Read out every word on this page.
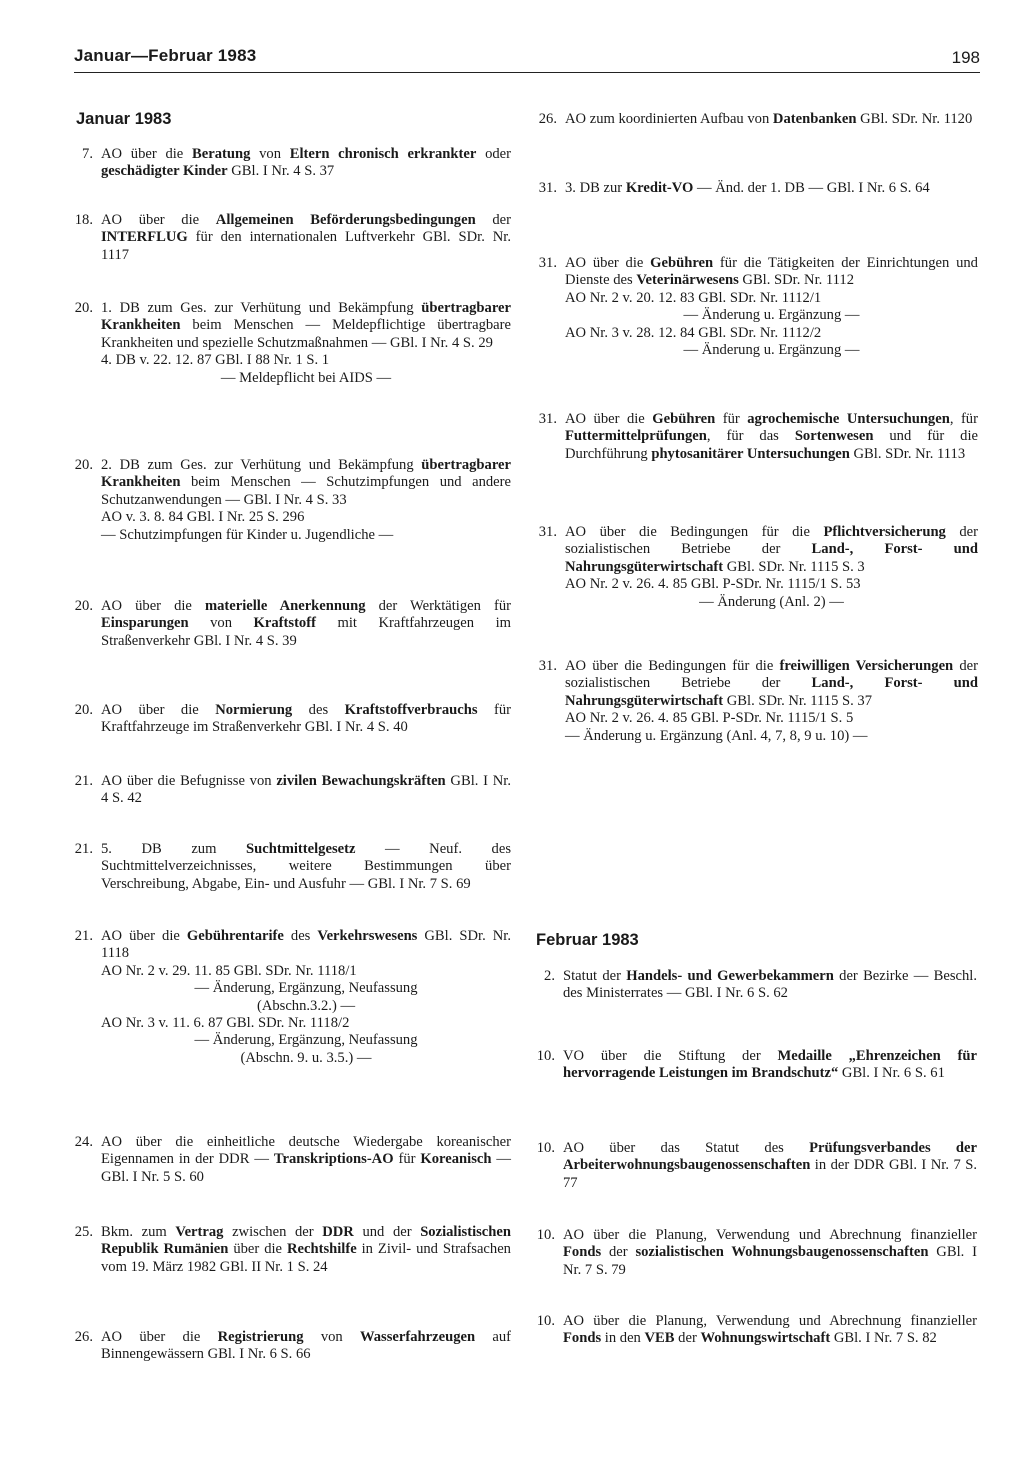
Januar—Februar 1983	198
Januar 1983
Februar 1983
7. AO über die Beratung von Eltern chronisch erkrankter oder geschädigter Kinder GBl. I Nr. 4 S. 37
18. AO über die Allgemeinen Beförderungsbedingungen der INTERFLUG für den internationalen Luftverkehr GBl. SDr. Nr. 1117
20. 1. DB zum Ges. zur Verhütung und Bekämpfung übertragbarer Krankheiten beim Menschen — Meldepflichtige übertragbare Krankheiten und spezielle Schutzmaßnahmen — GBl. I Nr. 4 S. 29
4. DB v. 22. 12. 87 GBl. I 88 Nr. 1 S. 1
— Meldepflicht bei AIDS —
20. 2. DB zum Ges. zur Verhütung und Bekämpfung übertragbarer Krankheiten beim Menschen — Schutzimpfungen und andere Schutzanwendungen — GBl. I Nr. 4 S. 33
AO v. 3. 8. 84 GBl. I Nr. 25 S. 296
— Schutzimpfungen für Kinder u. Jugendliche —
20. AO über die materielle Anerkennung der Werktätigen für Einsparungen von Kraftstoff mit Kraftfahrzeugen im Straßenverkehr GBl. I Nr. 4 S. 39
20. AO über die Normierung des Kraftstoffverbrauchs für Kraftfahrzeuge im Straßenverkehr GBl. I Nr. 4 S. 40
21. AO über die Befugnisse von zivilen Bewachungskräften GBl. I Nr. 4 S. 42
21. 5. DB zum Suchtmittelgesetz — Neuf. des Suchtmittelverzeichnisses, weitere Bestimmungen über Verschreibung, Abgabe, Ein- und Ausfuhr — GBl. I Nr. 7 S. 69
21. AO über die Gebührentarife des Verkehrswesens GBl. SDr. Nr. 1118
AO Nr. 2 v. 29. 11. 85 GBl. SDr. Nr. 1118/1
— Änderung, Ergänzung, Neufassung
(Abschn.3.2.) —
AO Nr. 3 v. 11. 6. 87 GBl. SDr. Nr. 1118/2
— Änderung, Ergänzung, Neufassung
(Abschn. 9. u. 3.5.) —
24. AO über die einheitliche deutsche Wiedergabe koreanischer Eigennamen in der DDR — Transkriptions-AO für Koreanisch — GBl. I Nr. 5 S. 60
25. Bkm. zum Vertrag zwischen der DDR und der Sozialistischen Republik Rumänien über die Rechtshilfe in Zivil- und Strafsachen vom 19. März 1982 GBl. II Nr. 1 S. 24
26. AO über die Registrierung von Wasserfahrzeugen auf Binnengewässern GBl. I Nr. 6 S. 66
26. AO zum koordinierten Aufbau von Datenbanken GBl. SDr. Nr. 1120
31. 3. DB zur Kredit-VO — Änd. der 1. DB — GBl. I Nr. 6 S. 64
31. AO über die Gebühren für die Tätigkeiten der Einrichtungen und Dienste des Veterinärwesens GBl. SDr. Nr. 1112
AO Nr. 2 v. 20. 12. 83 GBl. SDr. Nr. 1112/1
— Änderung u. Ergänzung —
AO Nr. 3 v. 28. 12. 84 GBl. SDr. Nr. 1112/2
— Änderung u. Ergänzung —
31. AO über die Gebühren für agrochemische Untersuchungen, für Futtermittelprüfungen, für das Sortenwesen und für die Durchführung phytosanitärer Untersuchungen GBl. SDr. Nr. 1113
31. AO über die Bedingungen für die Pflichtversicherung der sozialistischen Betriebe der Land-, Forst- und Nahrungsgüterwirtschaft GBl. SDr. Nr. 1115 S. 3
AO Nr. 2 v. 26. 4. 85 GBl. P-SDr. Nr. 1115/1 S. 53
— Änderung (Anl. 2) —
31. AO über die Bedingungen für die freiwilligen Versicherungen der sozialistischen Betriebe der Land-, Forst- und Nahrungsgüterwirtschaft GBl. SDr. Nr. 1115 S. 37
AO Nr. 2 v. 26. 4. 85 GBl. P-SDr. Nr. 1115/1 S. 5
— Änderung u. Ergänzung (Anl. 4, 7, 8, 9 u. 10) —
2. Statut der Handels- und Gewerbekammern der Bezirke — Beschl. des Ministerrates — GBl. I Nr. 6 S. 62
10. VO über die Stiftung der Medaille „Ehrenzeichen für hervorragende Leistungen im Brandschutz“ GBl. I Nr. 6 S. 61
10. AO über das Statut des Prüfungsverbandes der Arbeiterwohnungsbaugenossenschaften in der DDR GBl. I Nr. 7 S. 77
10. AO über die Planung, Verwendung und Abrechnung finanzieller Fonds der sozialistischen Wohnungsbaugenossenschaften GBl. I Nr. 7 S. 79
10. AO über die Planung, Verwendung und Abrechnung finanzieller Fonds in den VEB der Wohnungswirtschaft GBl. I Nr. 7 S. 82
